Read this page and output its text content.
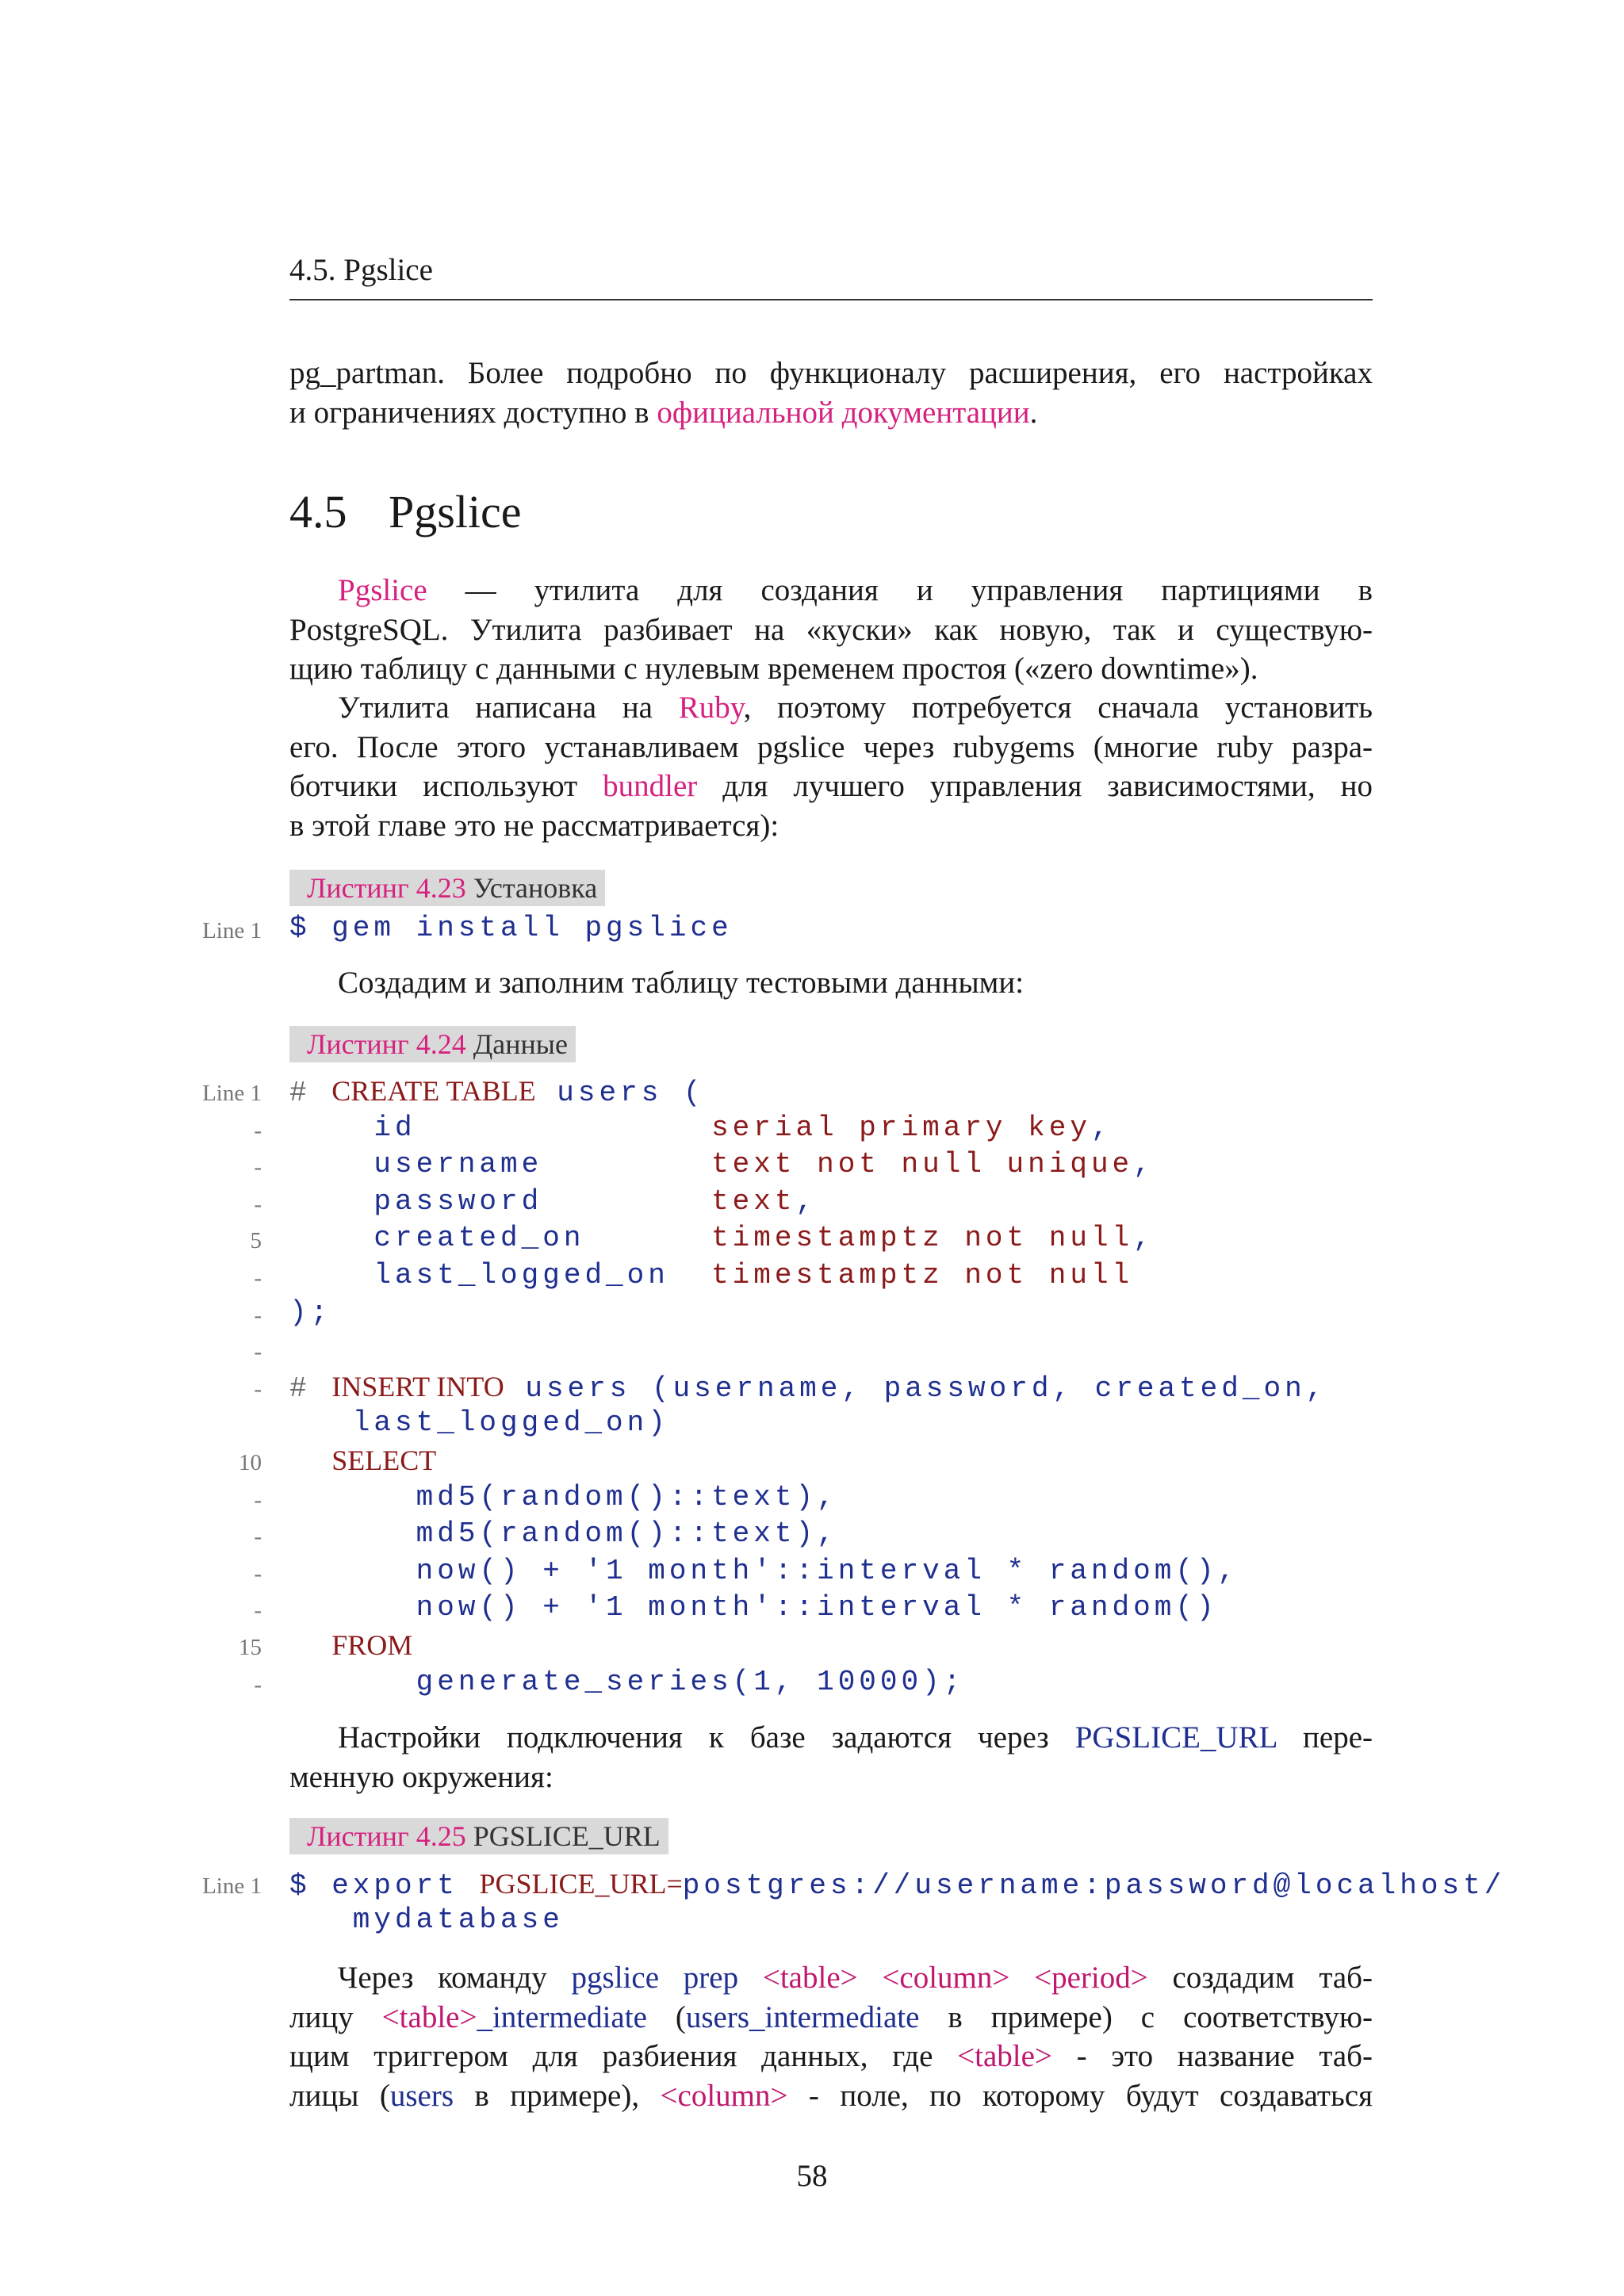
4.5. Pgslice
pg_partman. Более подробно по функционалу расширения, его настройках
и ограничениях доступно в официальной документации.
4.5 Pgslice
Pgslice — утилита для создания и управления партициями в
PostgreSQL. Утилита разбивает на «куски» как новую, так и существую-
щию таблицу с данными с нулевым временем простоя («zero downtime»).
Утилита написана на Ruby, поэтому потребуется сначала установить
его. После этого устанавливаем pgslice через rubygems (многие ruby разра-
ботчики используют bundler для лучшего управления зависимостями, но
в этой главе это не рассматривается):
Листинг 4.23 Установка
Line 1 $ gem install pgslice
Создадим и заполним таблицу тестовыми данными:
Листинг 4.24 Данные
Line 1 # CREATE TABLE users (
- id              serial primary key,
- username        text not null unique,
- password        text,
5 created_on      timestamptz not null,
- last_logged_on  timestamptz not null
- );
-
- # INSERT INTO users (username, password, created_on,
last_logged_on)
10	SELECT
- md5(random()::text),
- md5(random()::text),
- now() + '1 month'::interval * random(),
- now() + '1 month'::interval * random()
15	FROM
- generate_series(1, 10000);
Настройки подключения к базе задаются через PGSLICE_URL пере-
менную окружения:
Листинг 4.25 PGSLICE_URL
Line 1 $ export PGSLICE_URL=postgres://username:password@localhost/
mydatabase
Через команду pgslice prep <table> <column> <period> создадим таб-
лицу <table>_intermediate (users_intermediate в примере) с соответствую-
щим триггером для разбиения данных, где <table> - это название таб-
лицы (users в примере), <column> - поле, по которому будут создаваться
58
